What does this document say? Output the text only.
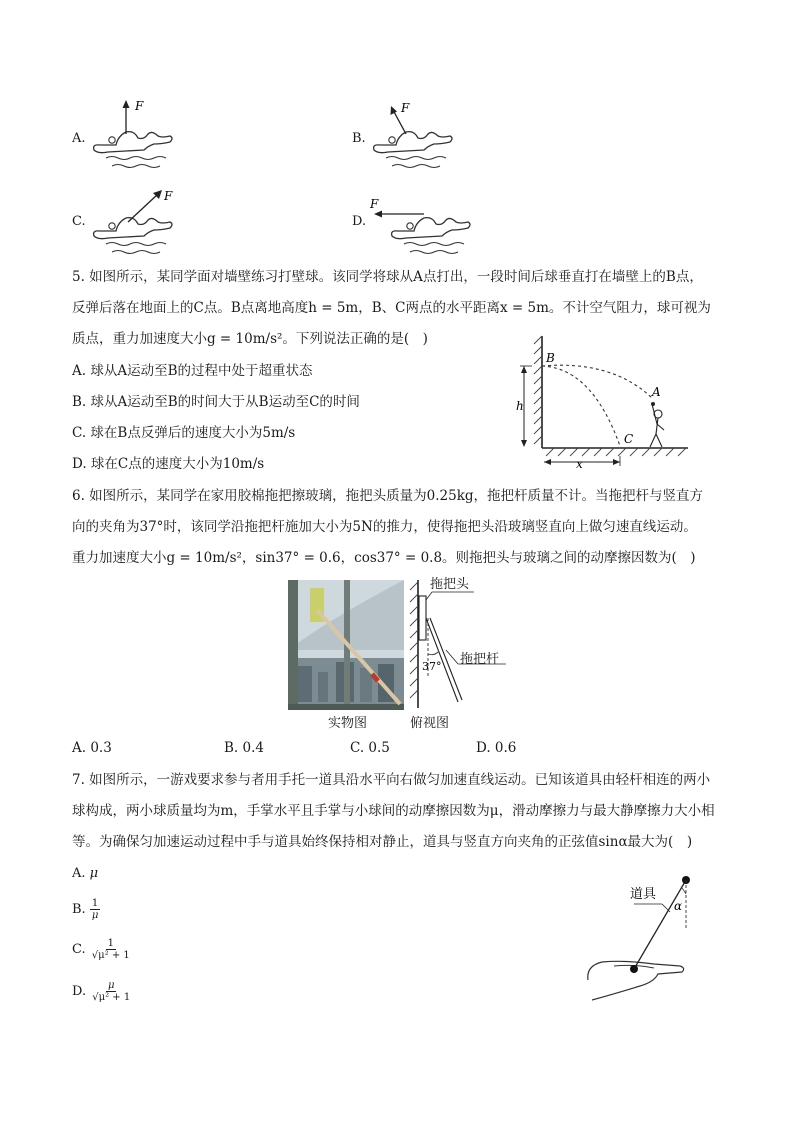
A.
F
B.
F
C.
F
D.
F
5. 如图所示，某同学面对墙壁练习打壁球。该同学将球从A点打出，一段时间后球垂直打在墙壁上的B点，
反弹后落在地面上的C点。B点离地高度h = 5m，B、C两点的水平距离x = 5m。不计空气阻力，球可视为
质点，重力加速度大小g = 10m/s²。下列说法正确的是(　)
A. 球从A运动至B的过程中处于超重状态
B. 球从A运动至B的时间大于从B运动至C的时间
C. 球在B点反弹后的速度大小为5m/s
D. 球在C点的速度大小为10m/s
B
A
C
h
x
6. 如图所示，某同学在家用胶棉拖把擦玻璃，拖把头质量为0.25kg，拖把杆质量不计。当拖把杆与竖直方
向的夹角为37°时，该同学沿拖把杆施加大小为5N的推力，使得拖把头沿玻璃竖直向上做匀速直线运动。
重力加速度大小g = 10m/s²，sin37° = 0.6，cos37° = 0.8。则拖把头与玻璃之间的动摩擦因数为(　)
实物图
37°
拖把头
拖把杆
俯视图
A. 0.3	B. 0.4	C. 0.5	D. 0.6
7. 如图所示，一游戏要求参与者用手托一道具沿水平向右做匀加速直线运动。已知该道具由轻杆相连的两小
球构成，两小球质量均为m，手掌水平且手掌与小球间的动摩擦因数为μ，滑动摩擦力与最大静摩擦力大小相
等。为确保匀加速运动过程中手与道具始终保持相对静止，道具与竖直方向夹角的正弦值sinα最大为(　)
A. μ
B. $\frac{1}{\mu}$
C. $\frac{1}{\text{√μ² + 1}}$
D. $\frac{\mu}{\text{√μ² + 1}}$
α
道具
